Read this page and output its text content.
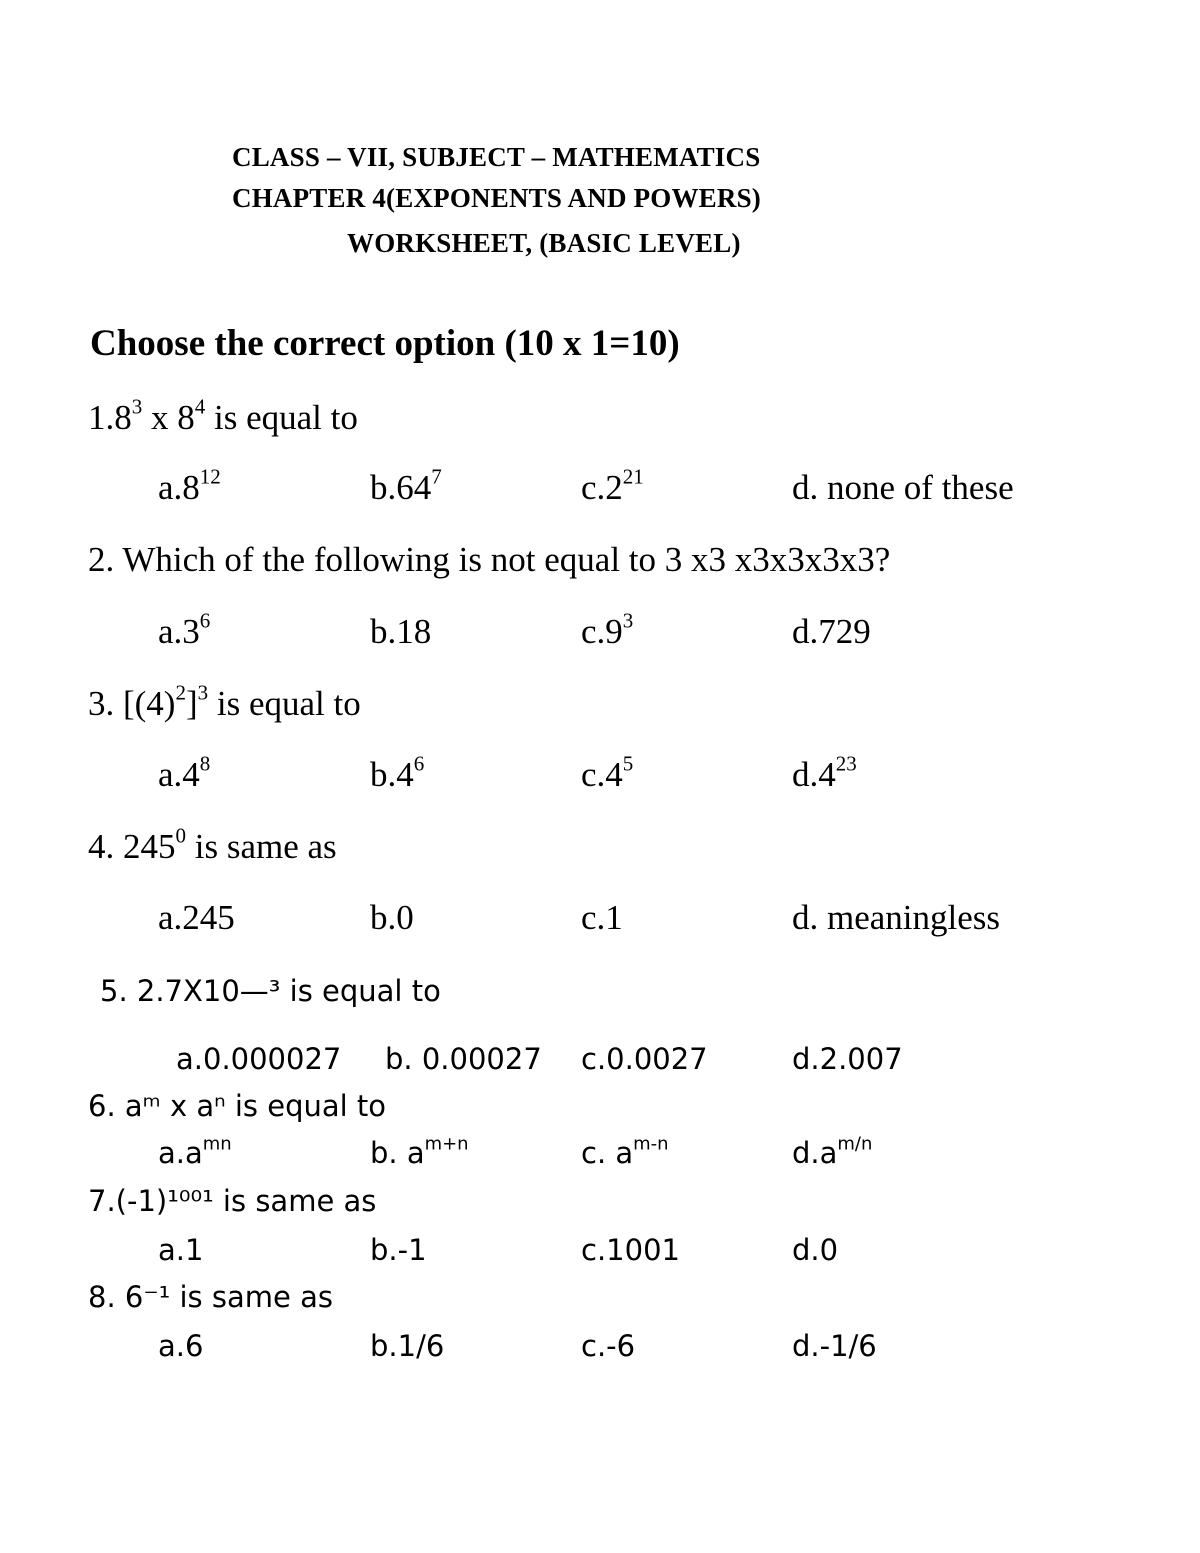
CLASS – VII, SUBJECT – MATHEMATICS
CHAPTER 4(EXPONENTS AND POWERS)
WORKSHEET, (BASIC LEVEL)
Choose the correct option (10 x 1=10)
$1.8^3$ x $8^4$ is equal to
$a.8^{12}$	$b.64^7$	$c.2^{21}$	d. none of these
2. Which of the following is not equal to 3 x3 x3x3x3x3?
$a.3^6$	b.18	$c.9^3$	d.729
3. $[(4)^2]^3$ is equal to
$a.4^8$	$b.4^6$	$c.4^5$	$d.4^{23}$
4. $245^0$ is same as
a.245	b.0	c.1	d. meaningless
5. 2.7X10—³ is equal to
a.0.000027 b. 0.00027 c.0.0027	d.2.007
6. aᵐ x aⁿ is equal to
$a.a^{mn}$	b. $a^{m+n}$	c. $a^{m-n}$	$d.a^{m/n}$
7.(-1)¹⁰⁰¹ is same as
a.1	b.-1	c.1001	d.0
8. 6⁻¹ is same as
a.6	b.1/6	c.-6	d.-1/6
